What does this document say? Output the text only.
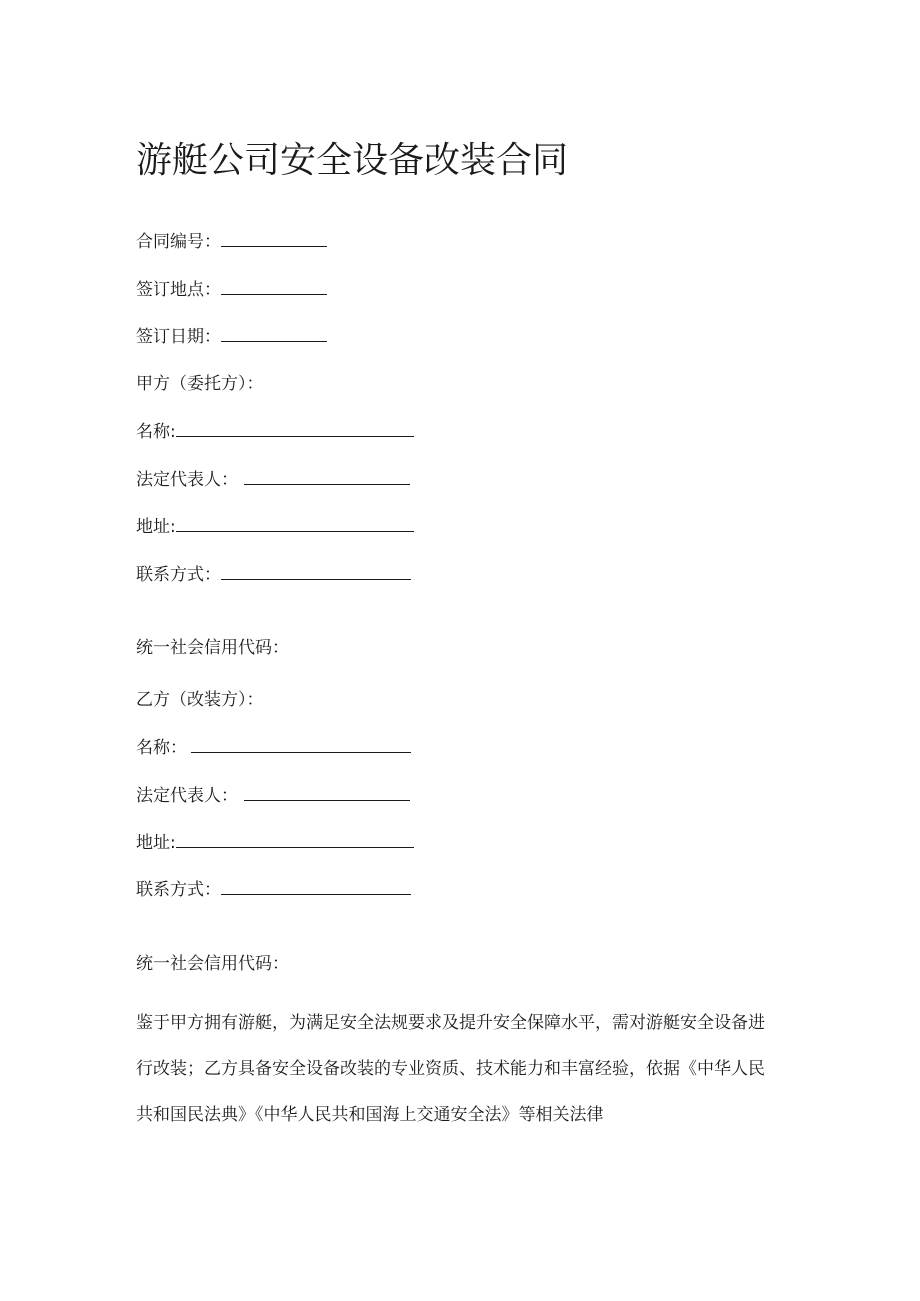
游艇公司安全设备改装合同
合同编号：
签订地点：
签订日期：
甲方（委托方）：
名称:
法定代表人：
地址:
联系方式：
统一社会信用代码：
乙方（改装方）：
名称：
法定代表人：
地址:
联系方式：
统一社会信用代码：
鉴于甲方拥有游艇，为满足安全法规要求及提升安全保障水平，需对游艇安全设备进
行改装；乙方具备安全设备改装的专业资质、技术能力和丰富经验，依据《中华人民
共和国民法典》《中华人民共和国海上交通安全法》等相关法律
